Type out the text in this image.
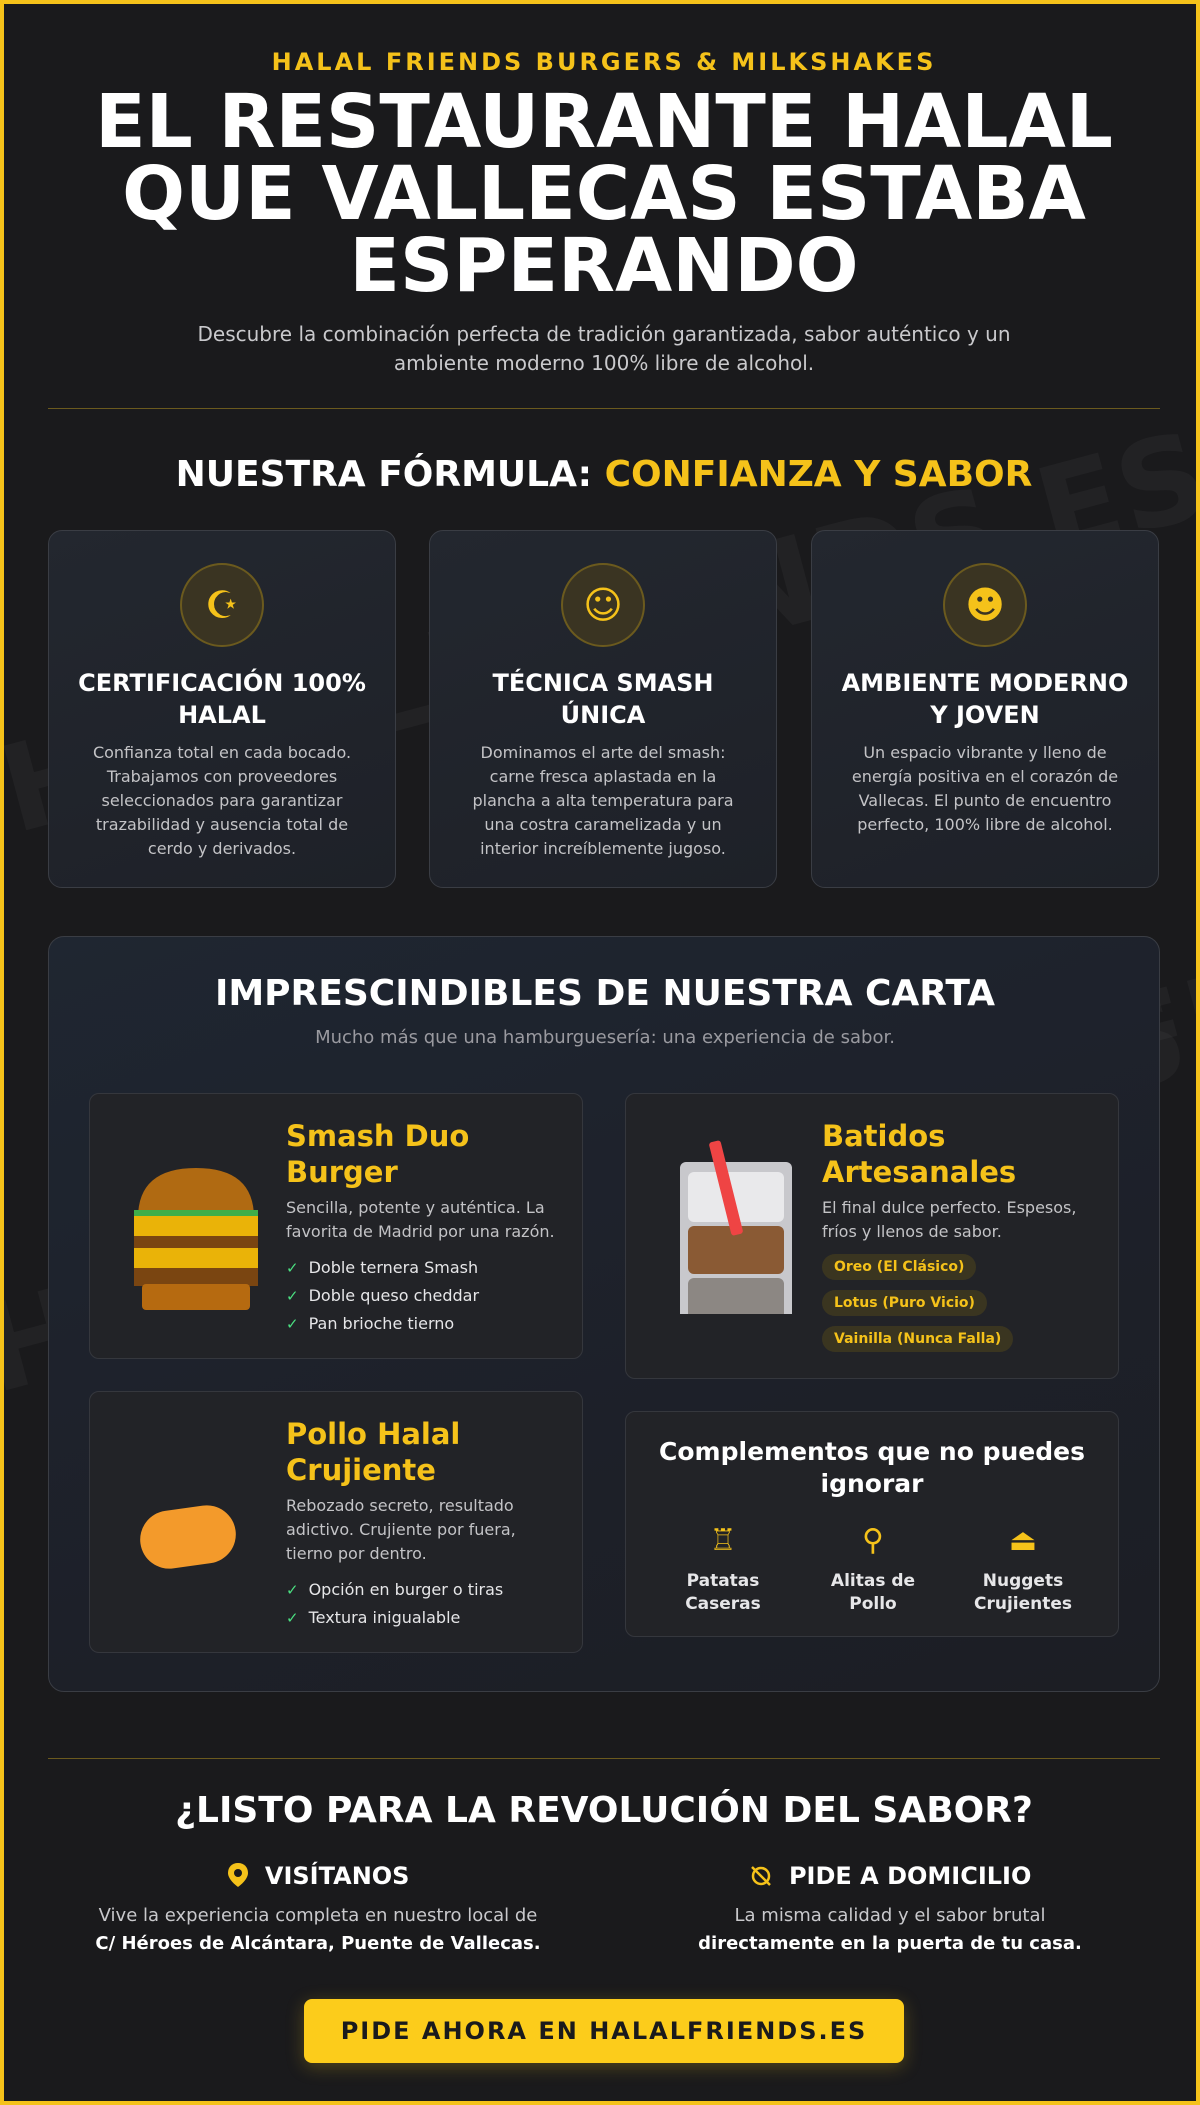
HALAL FRIENDS BURGERS & MILKSHAKES
EL RESTAURANTE HALAL QUE VALLECAS ESTABA ESPERANDO

Descubre la combinación perfecta de tradición garantizada, sabor auténtico y un ambiente moderno 100% libre de alcohol.

NUESTRA FÓRMULA: CONFIANZA Y SABOR
☪
CERTIFICACIÓN 100% HALAL
Confianza total en cada bocado. Trabajamos con proveedores seleccionados para garantizar trazabilidad y ausencia total de cerdo y derivados.
☺
TÉCNICA SMASH ÚNICA
Dominamos el arte del smash: carne fresca aplastada en la plancha a alta temperatura para una costra caramelizada y un interior increíblemente jugoso.
☻
AMBIENTE MODERNO Y JOVEN
Un espacio vibrante y lleno de energía positiva en el corazón de Vallecas. El punto de encuentro perfecto, 100% libre de alcohol.
IMPRESCINDIBLES DE NUESTRA CARTA

Mucho más que una hamburguesería: una experiencia de sabor.

Smash Duo Burger
Sencilla, potente y auténtica. La favorita de Madrid por una razón.
✓ Doble ternera Smash
✓ Doble queso cheddar
✓ Pan brioche tierno
Batidos Artesanales
El final dulce perfecto. Espesos, fríos y llenos de sabor.
Oreo (El Clásico)
Lotus (Puro Vicio)
Vainilla (Nunca Falla)
Pollo Halal Crujiente
Rebozado secreto, resultado adictivo. Crujiente por fuera, tierno por dentro.
✓ Opción en burger o tiras
✓ Textura inigualable
Complementos que no puedes ignorar
♖
Patatas Caseras
⚲
Alitas de Pollo
⏏
Nuggets Crujientes
¿LISTO PARA LA REVOLUCIÓN DEL SABOR?
VISÍTANOS
Vive la experiencia completa en nuestro local de
C/ Héroes de Alcántara, Puente de Vallecas.
PIDE A DOMICILIO
La misma calidad y el sabor brutal
directamente en la puerta de tu casa.
PIDE AHORA EN HALALFRIENDS.ES
